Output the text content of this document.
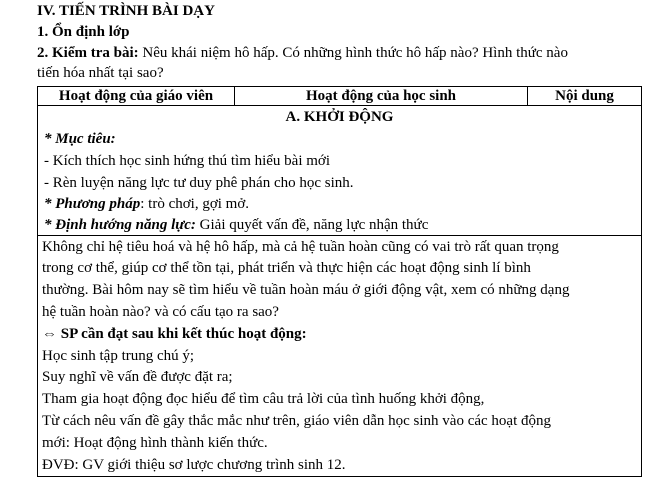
IV. TIẾN TRÌNH BÀI DẠY
1. Ổn định lớp
2. Kiểm tra bài: Nêu khái niệm hô hấp. Có những hình thức hô hấp nào? Hình thức nào
tiến hóa nhất tại sao?
Hoạt động của giáo viên	Hoạt động của học sinh	Nội dung
A. KHỞI ĐỘNG
* Mục tiêu:
- Kích thích học sinh hứng thú tìm hiểu bài mới
- Rèn luyện năng lực tư duy phê phán cho học sinh.
* Phương pháp: trò chơi, gợi mở.
* Định hướng năng lực: Giải quyết vấn đề, năng lực nhận thức
Không chỉ hệ tiêu hoá và hệ hô hấp, mà cả hệ tuần hoàn cũng có vai trò rất quan trọng
trong cơ thể, giúp cơ thể tồn tại, phát triển và thực hiện các hoạt động sinh lí bình
thường. Bài hôm nay sẽ tìm hiểu về tuần hoàn máu ở giới động vật, xem có những dạng
hệ tuần hoàn nào? và có cấu tạo ra sao?
⇔ SP cần đạt sau khi kết thúc hoạt động:
Học sinh tập trung chú ý;
Suy nghĩ về vấn đề được đặt ra;
Tham gia hoạt động đọc hiểu để tìm câu trả lời của tình huống khởi động,
Từ cách nêu vấn đề gây thắc mắc như trên, giáo viên dẫn học sinh vào các hoạt động
mới: Hoạt động hình thành kiến thức.
ĐVĐ: GV giới thiệu sơ lược chương trình sinh 12.
